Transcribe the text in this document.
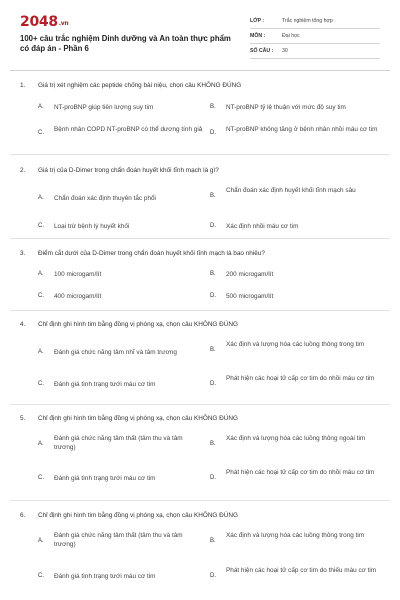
2048.vn
100+ câu trắc nghiệm Dinh dưỡng và An toàn thực phẩm có đáp án - Phần 6
LỚP :	Trắc nghiệm tổng hợp
MÔN :	Đại học
SỐ CÂU :	30
1. Giá trị xét nghiệm các peptide chống bài niệu, chọn câu KHÔNG ĐÚNG
A. NT-proBNP giúp tiên lượng suy tim	B. NT-proBNP tỷ lệ thuận với mức độ suy tim
C. Bệnh nhân COPD NT-proBNP có thể dương tính giả	D. NT-proBNP không tăng ở bệnh nhân nhồi máu cơ tim
2. Giá trị của D-Dimer trong chẩn đoán huyết khối tĩnh mạch là gì?
A. Chẩn đoán xác định thuyên tắc phổi	B.
Chẩn đoán xác định huyết khối tĩnh mạch sâu
C. Loại trừ bệnh lý huyết khối	D. Xác định nhồi máu cơ tim
3. Điểm cắt dưới của D-Dimer trong chẩn đoán huyết khối tĩnh mạch là bao nhiêu?
A. 100 microgam/lít	B. 200 microgam/lít
C. 400 microgam/lít	D. 500 microgam/lít
4. Chỉ định ghi hình tim bằng đồng vị phóng xạ, chọn câu KHÔNG ĐÚNG
A. Đánh giá chức năng tâm nhĩ và tâm trương	B.
Xác định và lượng hóa các luồng thông trong tim
C. Đánh giá tình trạng tưới máu cơ tim	D.
Phát hiện các hoại tử cấp cơ tim do nhồi máu cơ tim
5. Chỉ định ghi hình tim bằng đồng vị phóng xạ, chọn câu KHÔNG ĐÚNG
A.
Đánh giá chức năng tâm thất (tâm thu và tâm trương)	B.
Xác định và lượng hóa các luồng thông ngoài tim
C. Đánh giá tình trạng tưới máu cơ tim	D.
Phát hiện các hoại tử cấp cơ tim do nhồi máu cơ tim
6. Chỉ định ghi hình tim bằng đồng vị phóng xạ, chọn câu KHÔNG ĐÚNG
A.
Đánh giá chức năng tâm thất (tâm thu và tâm trương)	B.
Xác định và lượng hóa các luồng thông trong tim
C. Đánh giá tình trạng tưới máu cơ tim	D.
Phát hiện các hoại tử cấp cơ tim do thiếu máu cơ tim
